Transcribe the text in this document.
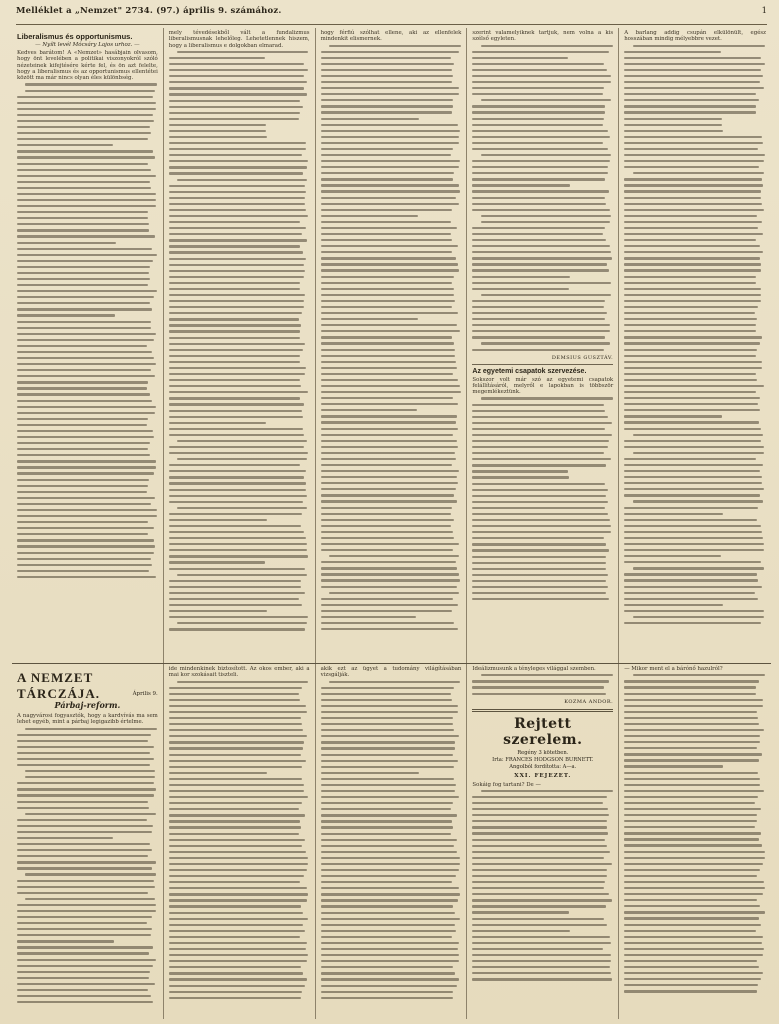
Melléklet a „Nemzet" 2734. (97.) április 9. számához.	1
Liberalismus és opportunismus.
— Nyílt levél Mócsáry Lajos urhoz. —

Kedves barátom! A «Nemzet» hasábjain olvasom, hogy önt levelében a politikai viszonyokról szóló nézeteinek kifejtésére kérte fel, és ön azt felelte, hogy a liberalismus és az opportunismus ellentétei között ma már nincs olyan éles különbség.

mely tévedésekből vált a fundalizmus liberalismusnak lehelőleg. Lehetetlennek hiszem, hogy a liberalismus e dolgokban elmarad.

hogy férfiú szólhat ellene, aki az ellenfelek mindenkit elismernek.

szerint valamelyiknek tartjuk, nem volna a kis szélső egyleten.

DEMSIUS GUSZTÁV.
Az egyetemi csapatok szervezése.

Sokszor volt már szó az egyetemi csapatok felállításáról, melyről e lapokban is többször megemlékeztünk.

A barlang addig csupán elkülönült, egész hosszában mindig mélyebbre vezet.

A NEMZET TÁRCZÁJA.	Április 9.
Párbaj-reform.

A nagyvárosi fogyasztók, hogy a kardvívás ma sem lehet egyéb, mint a párbaj legigazibb értelme.

ide mindenkinek biztosított. Az okos ember, aki a mai kor szokásait tiszteli.

akik ezt az ügyet a tudomány világításában vizsgálják.

Ideálizmusunk a tényleges világgal szemben.

KOZMA ANDOR.
Rejtett szerelem.
Regény 3 kötetben.
Irta: FRANCES HODGSON BURNETT.
Angolból fordította: A—a.
XXI. FEJEZET.

Sokáig fog tartani? De —

— Mikor ment el a bárónő hazulról?
